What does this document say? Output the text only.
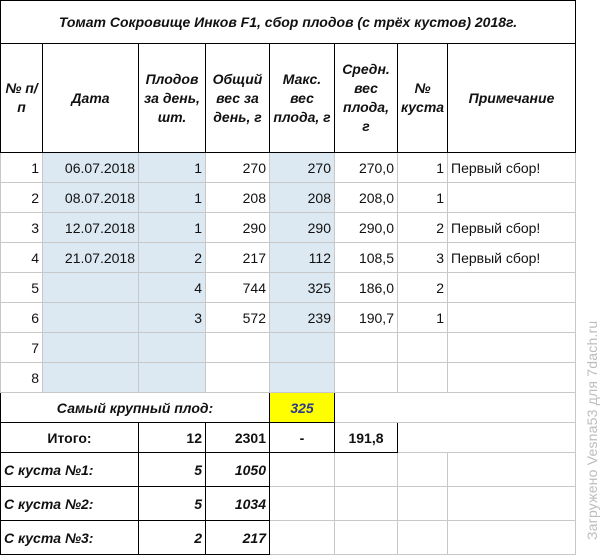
Томат Сокровище Инков F1, сбор плодов (с трёх кустов) 2018г.							
№ п/п	Дата	Плодов за день, шт.	Общий вес за день, г	Макс. вес плода, г	Средн. вес плода, г	№ куста	Примечание
1	06.07.2018	1	270	270	270,0	1	Первый сбор!
2	08.07.2018	1	208	208	208,0	1	
3	12.07.2018	1	290	290	290,0	2	Первый сбор!
4	21.07.2018	2	217	112	108,5	3	Первый сбор!
5		4	744	325	186,0	2	
6		3	572	239	190,7	1	
7							
8							
Самый крупный плод:				325			
Итого:		12	2301	-	191,8		
С куста №1:		5	1050				
С куста №2:		5	1034				
С куста №3:		2	217					Загружено Vesna53 для 7dach.ru
